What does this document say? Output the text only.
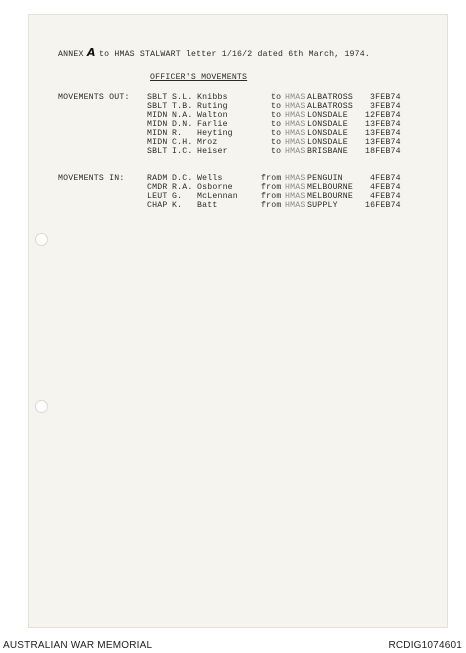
ANNEX A to HMAS STALWART letter 1/16/2 dated 6th March, 1974.
OFFICER'S MOVEMENTS
MOVEMENTS OUT:
MOVEMENTS IN:
SBLT S.L. Knibbs	to HMAS ALBATROSS 3FEB74
SBLT T.B. Ruting	to HMAS ALBATROSS 3FEB74
MIDN N.A. Walton	to HMAS LONSDALE 12FEB74
MIDN D.N. Farlie	to HMAS LONSDALE 13FEB74
MIDN R. Heyting	to HMAS LONSDALE 13FEB74
MIDN C.H. Mroz	to HMAS LONSDALE 13FEB74
SBLT I.C. Heiser	to HMAS BRISBANE 18FEB74
RADM D.C. Wells	from HMAS PENGUIN	4FEB74
CMDR R.A. Osborne	from HMAS MELBOURNE 4FEB74
LEUT G. McLennan	from HMAS MELBOURNE 4FEB74
CHAP K. Batt	from HMAS SUPPLY	16FEB74
AUSTRALIAN WAR MEMORIAL	RCDIG1074601
